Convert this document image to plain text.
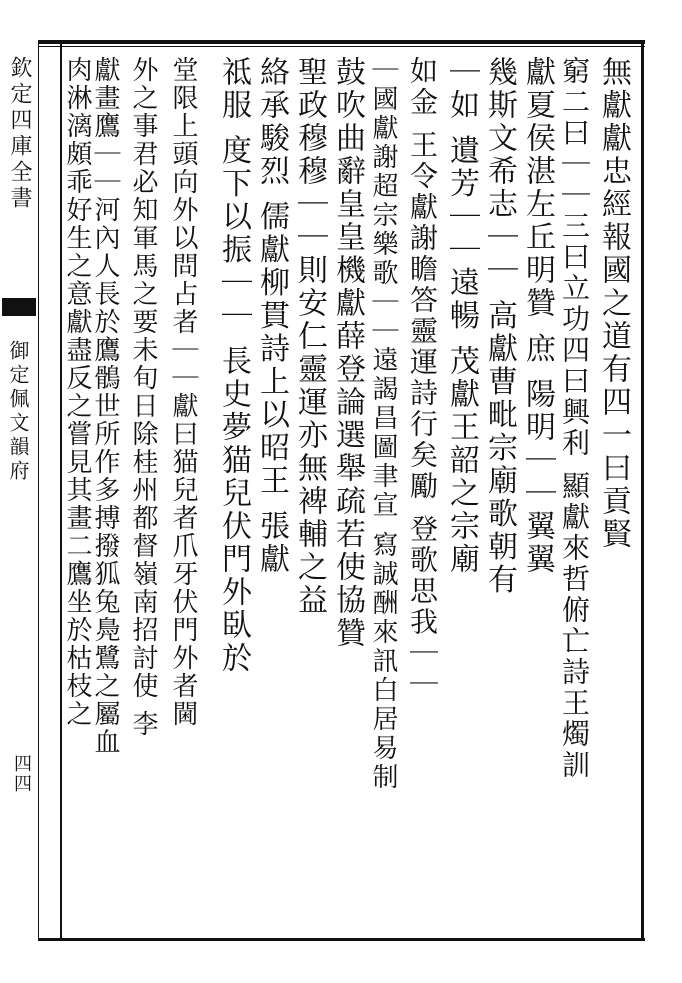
欽定四庫全書
御定佩文韻府
四四
無獻獻忠經報國之道有四一曰貢賢
窮二曰｜｜三曰立功四曰興利 顯獻來哲俯亡詩王燭訓
獻夏侯湛左丘明贊 庶 陽明｜｜翼翼
幾斯文希志｜｜ 高獻曹毗宗廟歌朝有
｜如 遺芳｜｜遠暢 茂獻王韶之宗廟
如金 王令獻謝瞻答靈運詩行矣勵 登歌思我｜｜
｜國獻謝超宗樂歌｜｜遠謁昌圖聿宣 寫誠酬來訊白居易制
鼓吹曲辭皇皇機獻薛登論選舉疏若使協贊
聖政穆穆｜｜則安仁靈運亦無裨輔之益
絡承駿烈 儒獻柳貫詩上以昭王 張獻
祗服 度下以振｜｜ 長史夢猫兒伏門外臥於
堂限上頭向外以問占者｜｜獻曰猫兒者爪牙伏門外者閫
外之事君必知軍馬之要未旬日除桂州都督嶺南招討使 李
獻畫鷹｜｜河內人長於鷹鶻世所作多搏撥狐兔鳧鷺之屬血
肉淋漓頗乖好生之意獻盡反之嘗見其畫二鷹坐於枯枝之
